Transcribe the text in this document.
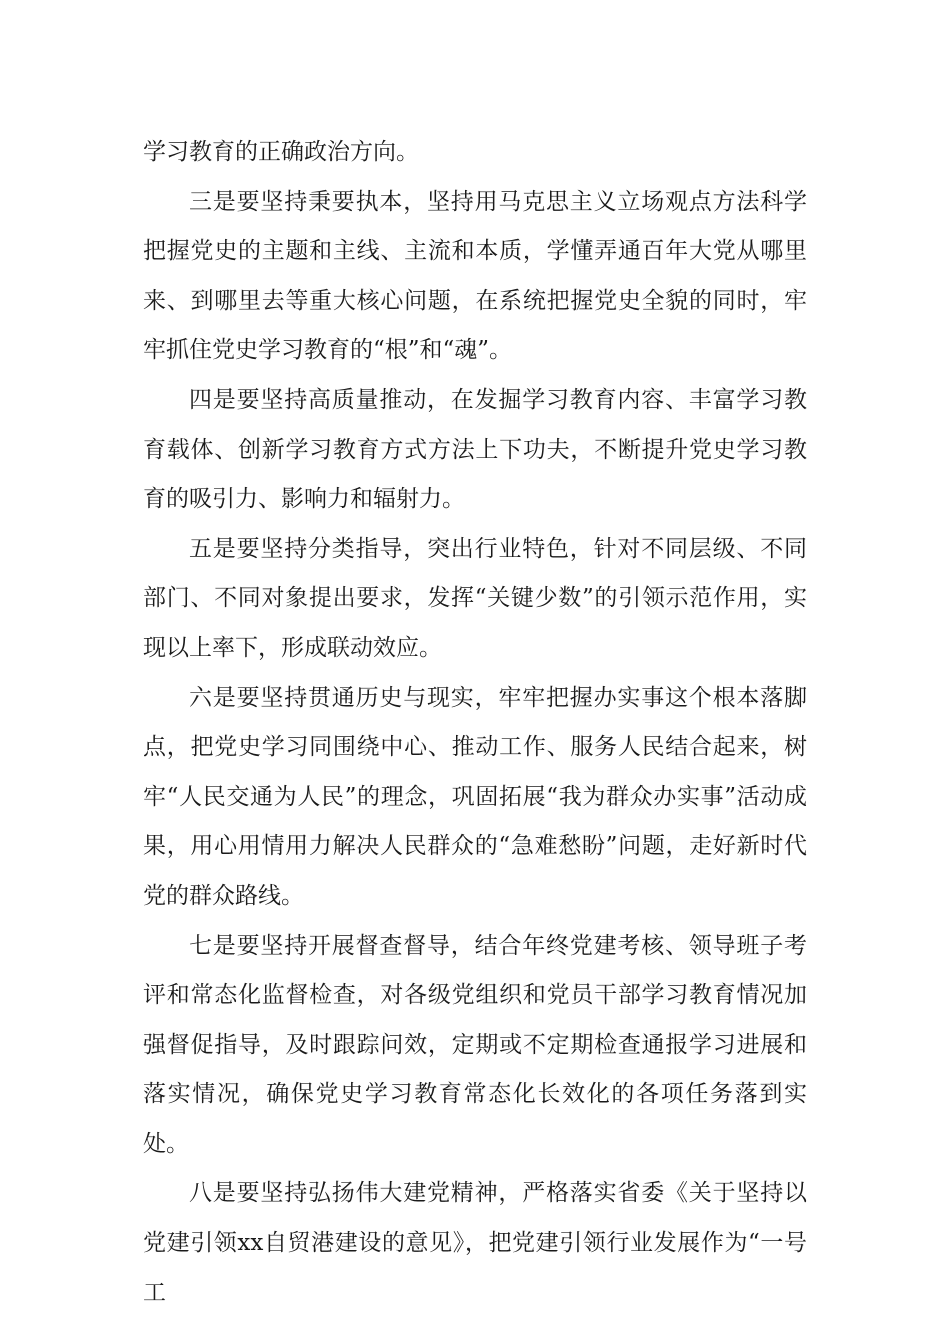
学习教育的正确政治方向。

三是要坚持秉要执本，坚持用马克思主义立场观点方法科学把握党史的主题和主线、主流和本质，学懂弄通百年大党从哪里来、到哪里去等重大核心问题，在系统把握党史全貌的同时，牢牢抓住党史学习教育的“根”和“魂”。

四是要坚持高质量推动，在发掘学习教育内容、丰富学习教育载体、创新学习教育方式方法上下功夫，不断提升党史学习教育的吸引力、影响力和辐射力。

五是要坚持分类指导，突出行业特色，针对不同层级、不同部门、不同对象提出要求，发挥“关键少数”的引领示范作用，实现以上率下，形成联动效应。

六是要坚持贯通历史与现实，牢牢把握办实事这个根本落脚点，把党史学习同围绕中心、推动工作、服务人民结合起来，树牢“人民交通为人民”的理念，巩固拓展“我为群众办实事”活动成果，用心用情用力解决人民群众的“急难愁盼”问题，走好新时代党的群众路线。

七是要坚持开展督查督导，结合年终党建考核、领导班子考评和常态化监督检查，对各级党组织和党员干部学习教育情况加强督促指导，及时跟踪问效，定期或不定期检查通报学习进展和落实情况，确保党史学习教育常态化长效化的各项任务落到实处。

八是要坚持弘扬伟大建党精神，严格落实省委《关于坚持以党建引领xx自贸港建设的意见》，把党建引领行业发展作为“一号工
